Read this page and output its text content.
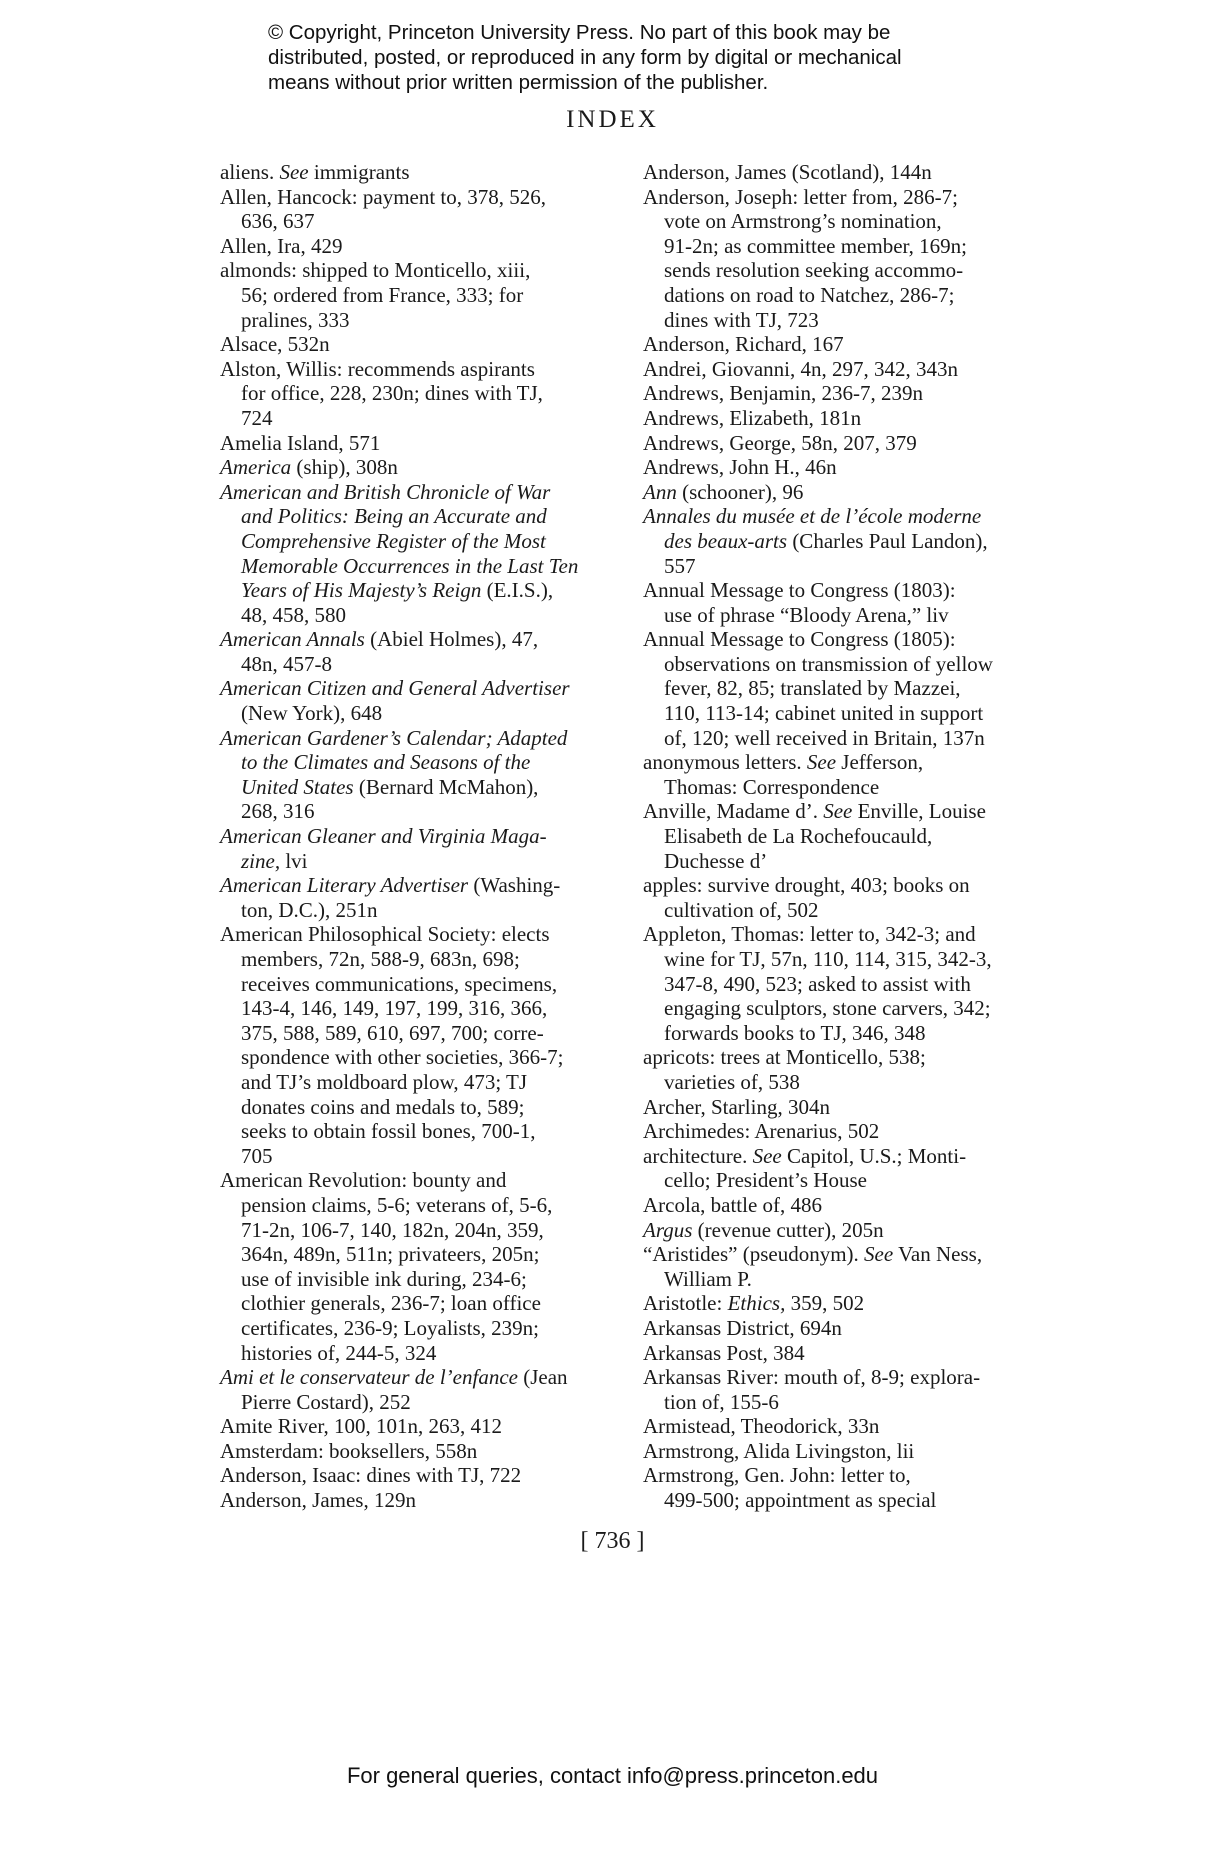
© Copyright, Princeton University Press. No part of this book may be
distributed, posted, or reproduced in any form by digital or mechanical
means without prior written permission of the publisher.
INDEX
aliens. See immigrants
Allen, Hancock: payment to, 378, 526,
636, 637
Allen, Ira, 429
almonds: shipped to Monticello, xiii,
56; ordered from France, 333; for
pralines, 333
Alsace, 532n
Alston, Willis: recommends aspirants
for office, 228, 230n; dines with TJ,
724
Amelia Island, 571
America (ship), 308n
American and British Chronicle of War
and Politics: Being an Accurate and
Comprehensive Register of the Most
Memorable Occurrences in the Last Ten
Years of His Majesty’s Reign (E.I.S.),
48, 458, 580
American Annals (Abiel Holmes), 47,
48n, 457-8
American Citizen and General Advertiser
(New York), 648
American Gardener’s Calendar; Adapted
to the Climates and Seasons of the
United States (Bernard McMahon),
268, 316
American Gleaner and Virginia Maga-
zine, lvi
American Literary Advertiser (Washing-
ton, D.C.), 251n
American Philosophical Society: elects
members, 72n, 588-9, 683n, 698;
receives communications, specimens,
143-4, 146, 149, 197, 199, 316, 366,
375, 588, 589, 610, 697, 700; corre-
spondence with other societies, 366-7;
and TJ’s moldboard plow, 473; TJ
donates coins and medals to, 589;
seeks to obtain fossil bones, 700-1,
705
American Revolution: bounty and
pension claims, 5-6; veterans of, 5-6,
71-2n, 106-7, 140, 182n, 204n, 359,
364n, 489n, 511n; privateers, 205n;
use of invisible ink during, 234-6;
clothier generals, 236-7; loan office
certificates, 236-9; Loyalists, 239n;
histories of, 244-5, 324
Ami et le conservateur de l’enfance (Jean
Pierre Costard), 252
Amite River, 100, 101n, 263, 412
Amsterdam: booksellers, 558n
Anderson, Isaac: dines with TJ, 722
Anderson, James, 129n
Anderson, James (Scotland), 144n
Anderson, Joseph: letter from, 286-7;
vote on Armstrong’s nomination,
91-2n; as committee member, 169n;
sends resolution seeking accommo-
dations on road to Natchez, 286-7;
dines with TJ, 723
Anderson, Richard, 167
Andrei, Giovanni, 4n, 297, 342, 343n
Andrews, Benjamin, 236-7, 239n
Andrews, Elizabeth, 181n
Andrews, George, 58n, 207, 379
Andrews, John H., 46n
Ann (schooner), 96
Annales du musée et de l’école moderne
des beaux-arts (Charles Paul Landon),
557
Annual Message to Congress (1803):
use of phrase “Bloody Arena,” liv
Annual Message to Congress (1805):
observations on transmission of yellow
fever, 82, 85; translated by Mazzei,
110, 113-14; cabinet united in support
of, 120; well received in Britain, 137n
anonymous letters. See Jefferson,
Thomas: Correspondence
Anville, Madame d’. See Enville, Louise
Elisabeth de La Rochefoucauld,
Duchesse d’
apples: survive drought, 403; books on
cultivation of, 502
Appleton, Thomas: letter to, 342-3; and
wine for TJ, 57n, 110, 114, 315, 342-3,
347-8, 490, 523; asked to assist with
engaging sculptors, stone carvers, 342;
forwards books to TJ, 346, 348
apricots: trees at Monticello, 538;
varieties of, 538
Archer, Starling, 304n
Archimedes: Arenarius, 502
architecture. See Capitol, U.S.; Monti-
cello; President’s House
Arcola, battle of, 486
Argus (revenue cutter), 205n
“Aristides” (pseudonym). See Van Ness,
William P.
Aristotle: Ethics, 359, 502
Arkansas District, 694n
Arkansas Post, 384
Arkansas River: mouth of, 8-9; explora-
tion of, 155-6
Armistead, Theodorick, 33n
Armstrong, Alida Livingston, lii
Armstrong, Gen. John: letter to,
499-500; appointment as special
[ 736 ]
For general queries, contact info@press.princeton.edu
